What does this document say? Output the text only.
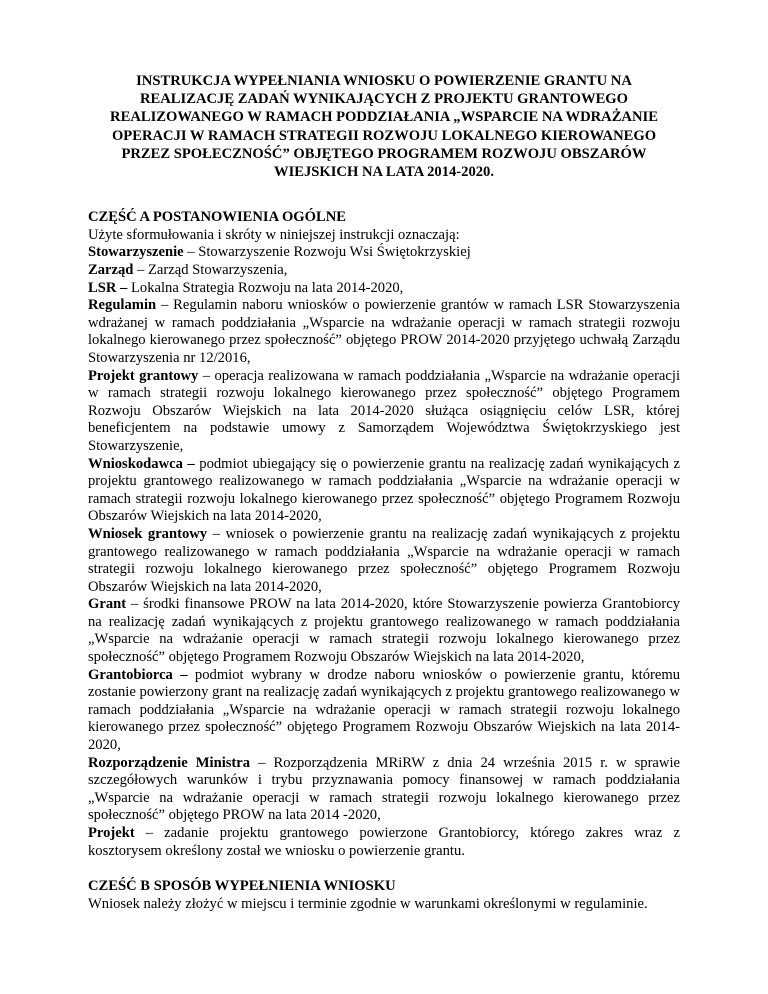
INSTRUKCJA WYPEŁNIANIA WNIOSKU O POWIERZENIE GRANTU NA REALIZACJĘ ZADAŃ WYNIKAJĄCYCH Z PROJEKTU GRANTOWEGO REALIZOWANEGO W RAMACH PODDZIAŁANIA „WSPARCIE NA WDRAŻANIE OPERACJI W RAMACH STRATEGII ROZWOJU LOKALNEGO KIEROWANEGO PRZEZ SPOŁECZNOŚĆ” OBJĘTEGO PROGRAMEM ROZWOJU OBSZARÓW WIEJSKICH NA LATA 2014-2020.
CZĘŚĆ A POSTANOWIENIA OGÓLNE

Użyte sformułowania i skróty w niniejszej instrukcji oznaczają:

Stowarzyszenie – Stowarzyszenie Rozwoju Wsi Świętokrzyskiej
Zarząd – Zarząd Stowarzyszenia,
LSR – Lokalna Strategia Rozwoju na lata 2014-2020,
Regulamin – Regulamin naboru wniosków o powierzenie grantów w ramach LSR Stowarzyszenia wdrażanej w ramach poddziałania „Wsparcie na wdrażanie operacji w ramach strategii rozwoju lokalnego kierowanego przez społeczność” objętego PROW 2014-2020 przyjętego uchwałą Zarządu Stowarzyszenia nr 12/2016,
Projekt grantowy – operacja realizowana w ramach poddziałania „Wsparcie na wdrażanie operacji w ramach strategii rozwoju lokalnego kierowanego przez społeczność” objętego Programem Rozwoju Obszarów Wiejskich na lata 2014-2020 służąca osiągnięciu celów LSR, której beneficjentem na podstawie umowy z Samorządem Województwa Świętokrzyskiego jest Stowarzyszenie,
Wnioskodawca – podmiot ubiegający się o powierzenie grantu na realizację zadań wynikających z projektu grantowego realizowanego w ramach poddziałania „Wsparcie na wdrażanie operacji w ramach strategii rozwoju lokalnego kierowanego przez społeczność” objętego Programem Rozwoju Obszarów Wiejskich na lata 2014-2020,
Wniosek grantowy – wniosek o powierzenie grantu na realizację zadań wynikających z projektu grantowego realizowanego w ramach poddziałania „Wsparcie na wdrażanie operacji w ramach strategii rozwoju lokalnego kierowanego przez społeczność” objętego Programem Rozwoju Obszarów Wiejskich na lata 2014-2020,
Grant – środki finansowe PROW na lata 2014-2020, które Stowarzyszenie powierza Grantobiorcy na realizację zadań wynikających z projektu grantowego realizowanego w ramach poddziałania „Wsparcie na wdrażanie operacji w ramach strategii rozwoju lokalnego kierowanego przez społeczność” objętego Programem Rozwoju Obszarów Wiejskich na lata 2014-2020,
Grantobiorca – podmiot wybrany w drodze naboru wniosków o powierzenie grantu, któremu zostanie powierzony grant na realizację zadań wynikających z projektu grantowego realizowanego w ramach poddziałania „Wsparcie na wdrażanie operacji w ramach strategii rozwoju lokalnego kierowanego przez społeczność” objętego Programem Rozwoju Obszarów Wiejskich na lata 2014-2020,
Rozporządzenie Ministra – Rozporządzenia MRiRW z dnia 24 września 2015 r. w sprawie szczegółowych warunków i trybu przyznawania pomocy finansowej w ramach poddziałania „Wsparcie na wdrażanie operacji w ramach strategii rozwoju lokalnego kierowanego przez społeczność” objętego PROW na lata 2014 -2020,
Projekt – zadanie projektu grantowego powierzone Grantobiorcy, którego zakres wraz z kosztorysem określony został we wniosku o powierzenie grantu.
CZEŚĆ B SPOSÓB WYPEŁNIENIA WNIOSKU

Wniosek należy złożyć w miejscu i terminie zgodnie w warunkami określonymi w regulaminie.
